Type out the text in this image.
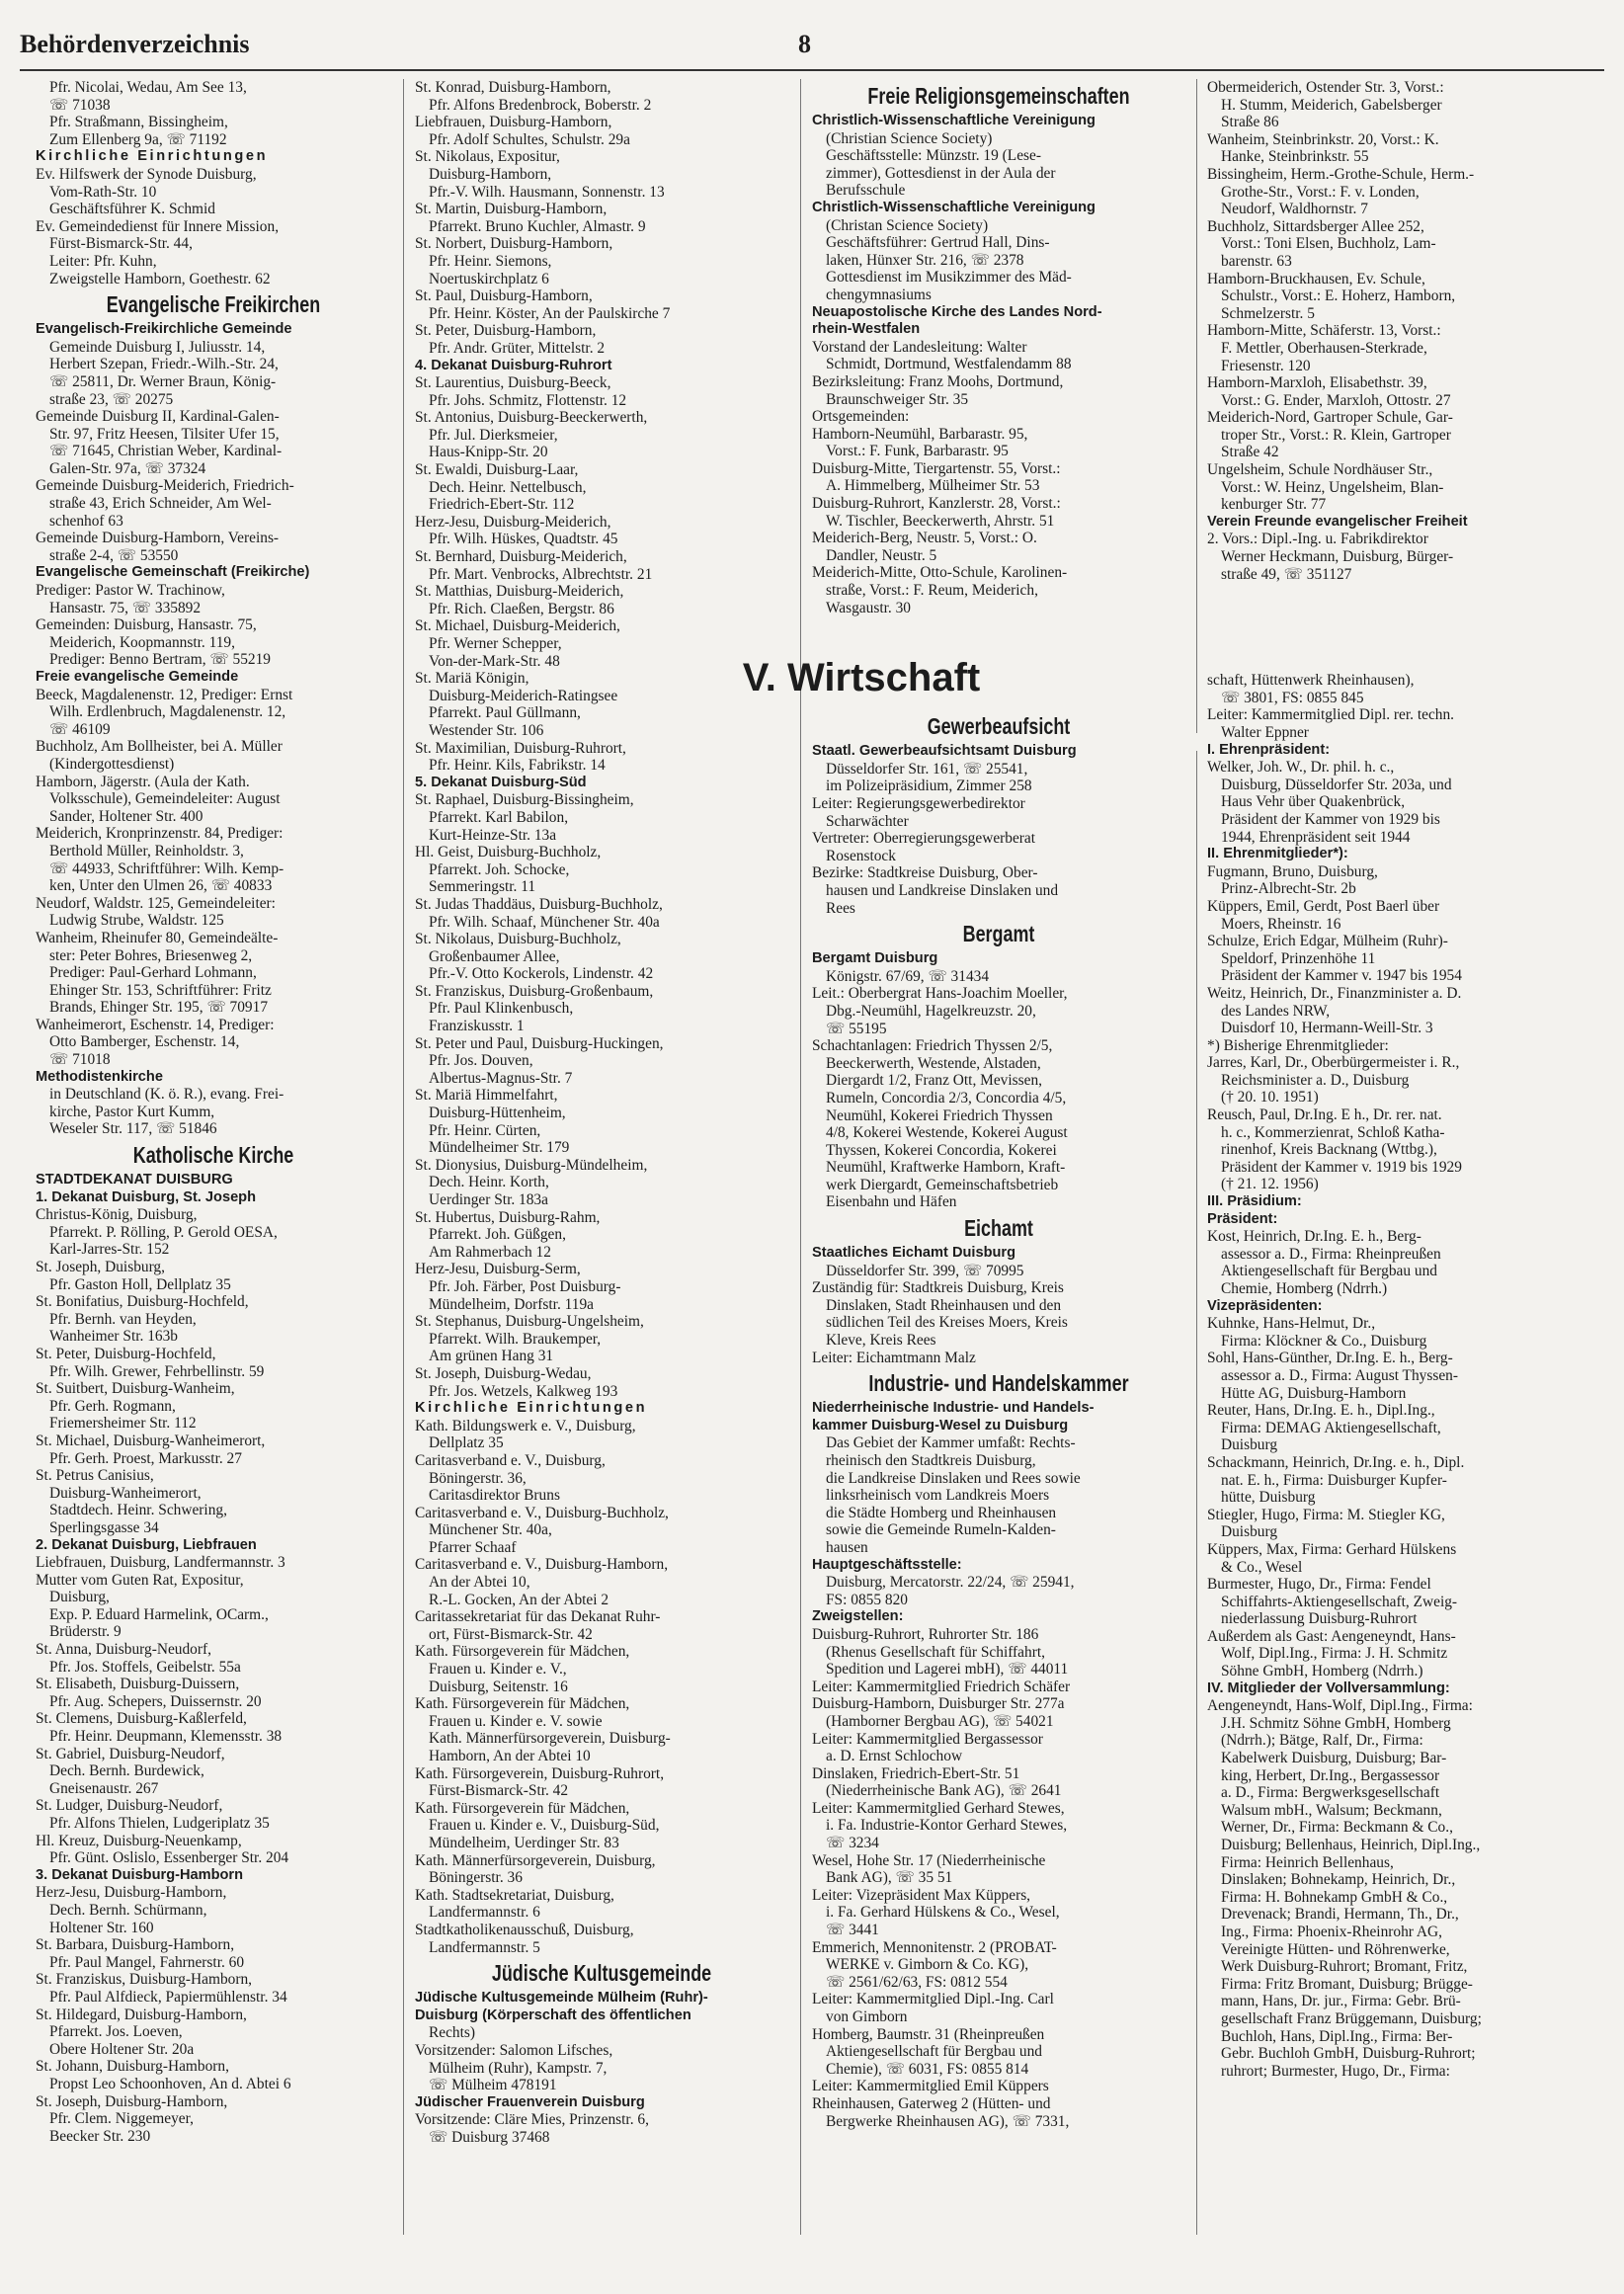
Behördenverzeichnis	8
Pfr. Nicolai, Wedau, Am See 13,
☏ 71038
Pfr. Straßmann, Bissingheim,
Zum Ellenberg 9a, ☏ 71192
Kirchliche Einrichtungen
Ev. Hilfswerk der Synode Duisburg,
Vom-Rath-Str. 10
Geschäftsführer K. Schmid
Ev. Gemeindedienst für Innere Mission,
Fürst-Bismarck-Str. 44,
Leiter: Pfr. Kuhn,
Zweigstelle Hamborn, Goethestr. 62
Evangelische Freikirchen
Evangelisch-Freikirchliche Gemeinde
Gemeinde Duisburg I, Juliusstr. 14,
Herbert Szepan, Friedr.-Wilh.-Str. 24,
☏ 25811, Dr. Werner Braun, König-
straße 23, ☏ 20275
Gemeinde Duisburg II, Kardinal-Galen-
Str. 97, Fritz Heesen, Tilsiter Ufer 15,
☏ 71645, Christian Weber, Kardinal-
Galen-Str. 97a, ☏ 37324
Gemeinde Duisburg-Meiderich, Friedrich-
straße 43, Erich Schneider, Am Wel-
schenhof 63
Gemeinde Duisburg-Hamborn, Vereins-
straße 2-4, ☏ 53550
Evangelische Gemeinschaft (Freikirche)
Prediger: Pastor W. Trachinow,
Hansastr. 75, ☏ 335892
Gemeinden: Duisburg, Hansastr. 75,
Meiderich, Koopmannstr. 119,
Prediger: Benno Bertram, ☏ 55219
Freie evangelische Gemeinde
Beeck, Magdalenenstr. 12, Prediger: Ernst
Wilh. Erdlenbruch, Magdalenenstr. 12,
☏ 46109
Buchholz, Am Bollheister, bei A. Müller
(Kindergottesdienst)
Hamborn, Jägerstr. (Aula der Kath.
Volksschule), Gemeindeleiter: August
Sander, Holtener Str. 400
Meiderich, Kronprinzenstr. 84, Prediger:
Berthold Müller, Reinholdstr. 3,
☏ 44933, Schriftführer: Wilh. Kemp-
ken, Unter den Ulmen 26, ☏ 40833
Neudorf, Waldstr. 125, Gemeindeleiter:
Ludwig Strube, Waldstr. 125
Wanheim, Rheinufer 80, Gemeindeälte-
ster: Peter Bohres, Briesenweg 2,
Prediger: Paul-Gerhard Lohmann,
Ehinger Str. 153, Schriftführer: Fritz
Brands, Ehinger Str. 195, ☏ 70917
Wanheimerort, Eschenstr. 14, Prediger:
Otto Bamberger, Eschenstr. 14,
☏ 71018
Methodistenkirche
in Deutschland (K. ö. R.), evang. Frei-
kirche, Pastor Kurt Kumm,
Weseler Str. 117, ☏ 51846
Katholische Kirche
STADTDEKANAT DUISBURG
1. Dekanat Duisburg, St. Joseph
Christus-König, Duisburg,
Pfarrekt. P. Rölling, P. Gerold OESA,
Karl-Jarres-Str. 152
St. Joseph, Duisburg,
Pfr. Gaston Holl, Dellplatz 35
St. Bonifatius, Duisburg-Hochfeld,
Pfr. Bernh. van Heyden,
Wanheimer Str. 163b
St. Peter, Duisburg-Hochfeld,
Pfr. Wilh. Grewer, Fehrbellinstr. 59
St. Suitbert, Duisburg-Wanheim,
Pfr. Gerh. Rogmann,
Friemersheimer Str. 112
St. Michael, Duisburg-Wanheimerort,
Pfr. Gerh. Proest, Markusstr. 27
St. Petrus Canisius,
Duisburg-Wanheimerort,
Stadtdech. Heinr. Schwering,
Sperlingsgasse 34
2. Dekanat Duisburg, Liebfrauen
Liebfrauen, Duisburg, Landfermannstr. 3
Mutter vom Guten Rat, Expositur,
Duisburg,
Exp. P. Eduard Harmelink, OCarm.,
Brüderstr. 9
St. Anna, Duisburg-Neudorf,
Pfr. Jos. Stoffels, Geibelstr. 55a
St. Elisabeth, Duisburg-Duissern,
Pfr. Aug. Schepers, Duissernstr. 20
St. Clemens, Duisburg-Kaßlerfeld,
Pfr. Heinr. Deupmann, Klemensstr. 38
St. Gabriel, Duisburg-Neudorf,
Dech. Bernh. Burdewick,
Gneisenaustr. 267
St. Ludger, Duisburg-Neudorf,
Pfr. Alfons Thielen, Ludgeriplatz 35
Hl. Kreuz, Duisburg-Neuenkamp,
Pfr. Günt. Oslislo, Essenberger Str. 204
3. Dekanat Duisburg-Hamborn
Herz-Jesu, Duisburg-Hamborn,
Dech. Bernh. Schürmann,
Holtener Str. 160
St. Barbara, Duisburg-Hamborn,
Pfr. Paul Mangel, Fahrnerstr. 60
St. Franziskus, Duisburg-Hamborn,
Pfr. Paul Alfdieck, Papiermühlenstr. 34
St. Hildegard, Duisburg-Hamborn,
Pfarrekt. Jos. Loeven,
Obere Holtener Str. 20a
St. Johann, Duisburg-Hamborn,
Propst Leo Schoonhoven, An d. Abtei 6
St. Joseph, Duisburg-Hamborn,
Pfr. Clem. Niggemeyer,
Beecker Str. 230
St. Konrad, Duisburg-Hamborn,
Pfr. Alfons Bredenbrock, Boberstr. 2
Liebfrauen, Duisburg-Hamborn,
Pfr. Adolf Schultes, Schulstr. 29a
St. Nikolaus, Expositur,
Duisburg-Hamborn,
Pfr.-V. Wilh. Hausmann, Sonnenstr. 13
St. Martin, Duisburg-Hamborn,
Pfarrekt. Bruno Kuchler, Almastr. 9
St. Norbert, Duisburg-Hamborn,
Pfr. Heinr. Siemons,
Noertuskirchplatz 6
St. Paul, Duisburg-Hamborn,
Pfr. Heinr. Köster, An der Paulskirche 7
St. Peter, Duisburg-Hamborn,
Pfr. Andr. Grüter, Mittelstr. 2
4. Dekanat Duisburg-Ruhrort
St. Laurentius, Duisburg-Beeck,
Pfr. Johs. Schmitz, Flottenstr. 12
St. Antonius, Duisburg-Beeckerwerth,
Pfr. Jul. Dierksmeier,
Haus-Knipp-Str. 20
St. Ewaldi, Duisburg-Laar,
Dech. Heinr. Nettelbusch,
Friedrich-Ebert-Str. 112
Herz-Jesu, Duisburg-Meiderich,
Pfr. Wilh. Hüskes, Quadtstr. 45
St. Bernhard, Duisburg-Meiderich,
Pfr. Mart. Venbrocks, Albrechtstr. 21
St. Matthias, Duisburg-Meiderich,
Pfr. Rich. Claeßen, Bergstr. 86
St. Michael, Duisburg-Meiderich,
Pfr. Werner Schepper,
Von-der-Mark-Str. 48
St. Mariä Königin,
Duisburg-Meiderich-Ratingsee
Pfarrekt. Paul Güllmann,
Westender Str. 106
St. Maximilian, Duisburg-Ruhrort,
Pfr. Heinr. Kils, Fabrikstr. 14
5. Dekanat Duisburg-Süd
St. Raphael, Duisburg-Bissingheim,
Pfarrekt. Karl Babilon,
Kurt-Heinze-Str. 13a
Hl. Geist, Duisburg-Buchholz,
Pfarrekt. Joh. Schocke,
Semmeringstr. 11
St. Judas Thaddäus, Duisburg-Buchholz,
Pfr. Wilh. Schaaf, Münchener Str. 40a
St. Nikolaus, Duisburg-Buchholz,
Großenbaumer Allee,
Pfr.-V. Otto Kockerols, Lindenstr. 42
St. Franziskus, Duisburg-Großenbaum,
Pfr. Paul Klinkenbusch,
Franziskusstr. 1
St. Peter und Paul, Duisburg-Huckingen,
Pfr. Jos. Douven,
Albertus-Magnus-Str. 7
St. Mariä Himmelfahrt,
Duisburg-Hüttenheim,
Pfr. Heinr. Cürten,
Mündelheimer Str. 179
St. Dionysius, Duisburg-Mündelheim,
Dech. Heinr. Korth,
Uerdinger Str. 183a
St. Hubertus, Duisburg-Rahm,
Pfarrekt. Joh. Güßgen,
Am Rahmerbach 12
Herz-Jesu, Duisburg-Serm,
Pfr. Joh. Färber, Post Duisburg-
Mündelheim, Dorfstr. 119a
St. Stephanus, Duisburg-Ungelsheim,
Pfarrekt. Wilh. Braukemper,
Am grünen Hang 31
St. Joseph, Duisburg-Wedau,
Pfr. Jos. Wetzels, Kalkweg 193
Kirchliche Einrichtungen
Kath. Bildungswerk e. V., Duisburg,
Dellplatz 35
Caritasverband e. V., Duisburg,
Böningerstr. 36,
Caritasdirektor Bruns
Caritasverband e. V., Duisburg-Buchholz,
Münchener Str. 40a,
Pfarrer Schaaf
Caritasverband e. V., Duisburg-Hamborn,
An der Abtei 10,
R.-L. Gocken, An der Abtei 2
Caritassekretariat für das Dekanat Ruhr-
ort, Fürst-Bismarck-Str. 42
Kath. Fürsorgeverein für Mädchen,
Frauen u. Kinder e. V.,
Duisburg, Seitenstr. 16
Kath. Fürsorgeverein für Mädchen,
Frauen u. Kinder e. V. sowie
Kath. Männerfürsorgeverein, Duisburg-
Hamborn, An der Abtei 10
Kath. Fürsorgeverein, Duisburg-Ruhrort,
Fürst-Bismarck-Str. 42
Kath. Fürsorgeverein für Mädchen,
Frauen u. Kinder e. V., Duisburg-Süd,
Mündelheim, Uerdinger Str. 83
Kath. Männerfürsorgeverein, Duisburg,
Böningerstr. 36
Kath. Stadtsekretariat, Duisburg,
Landfermannstr. 6
Stadtkatholikenausschuß, Duisburg,
Landfermannstr. 5
Jüdische Kultusgemeinde
Jüdische Kultusgemeinde Mülheim (Ruhr)-
Duisburg (Körperschaft des öffentlichen
Rechts)
Vorsitzender: Salomon Lifsches,
Mülheim (Ruhr), Kampstr. 7,
☏ Mülheim 478191
Jüdischer Frauenverein Duisburg
Vorsitzende: Cläre Mies, Prinzenstr. 6,
☏ Duisburg 37468
Freie Religionsgemeinschaften
Christlich-Wissenschaftliche Vereinigung
(Christian Science Society)
Geschäftsstelle: Münzstr. 19 (Lese-
zimmer), Gottesdienst in der Aula der
Berufsschule
Christlich-Wissenschaftliche Vereinigung
(Christan Science Society)
Geschäftsführer: Gertrud Hall, Dins-
laken, Hünxer Str. 216, ☏ 2378
Gottesdienst im Musikzimmer des Mäd-
chengymnasiums
Neuapostolische Kirche des Landes Nord-
rhein-Westfalen
Vorstand der Landesleitung: Walter
Schmidt, Dortmund, Westfalendamm 88
Bezirksleitung: Franz Moohs, Dortmund,
Braunschweiger Str. 35
Ortsgemeinden:
Hamborn-Neumühl, Barbarastr. 95,
Vorst.: F. Funk, Barbarastr. 95
Duisburg-Mitte, Tiergartenstr. 55, Vorst.:
A. Himmelberg, Mülheimer Str. 53
Duisburg-Ruhrort, Kanzlerstr. 28, Vorst.:
W. Tischler, Beeckerwerth, Ahrstr. 51
Meiderich-Berg, Neustr. 5, Vorst.: O.
Dandler, Neustr. 5
Meiderich-Mitte, Otto-Schule, Karolinen-
straße, Vorst.: F. Reum, Meiderich,
Wasgaustr. 30
V. Wirtschaft
Gewerbeaufsicht
Staatl. Gewerbeaufsichtsamt Duisburg
Düsseldorfer Str. 161, ☏ 25541,
im Polizeipräsidium, Zimmer 258
Leiter: Regierungsgewerbedirektor
Scharwächter
Vertreter: Oberregierungsgewerberat
Rosenstock
Bezirke: Stadtkreise Duisburg, Ober-
hausen und Landkreise Dinslaken und
Rees
Bergamt
Bergamt Duisburg
Königstr. 67/69, ☏ 31434
Leit.: Oberbergrat Hans-Joachim Moeller,
Dbg.-Neumühl, Hagelkreuzstr. 20,
☏ 55195
Schachtanlagen: Friedrich Thyssen 2/5,
Beeckerwerth, Westende, Alstaden,
Diergardt 1/2, Franz Ott, Mevissen,
Rumeln, Concordia 2/3, Concordia 4/5,
Neumühl, Kokerei Friedrich Thyssen
4/8, Kokerei Westende, Kokerei August
Thyssen, Kokerei Concordia, Kokerei
Neumühl, Kraftwerke Hamborn, Kraft-
werk Diergardt, Gemeinschaftsbetrieb
Eisenbahn und Häfen
Eichamt
Staatliches Eichamt Duisburg
Düsseldorfer Str. 399, ☏ 70995
Zuständig für: Stadtkreis Duisburg, Kreis
Dinslaken, Stadt Rheinhausen und den
südlichen Teil des Kreises Moers, Kreis
Kleve, Kreis Rees
Leiter: Eichamtmann Malz
Industrie- und Handelskammer
Niederrheinische Industrie- und Handels-
kammer Duisburg-Wesel zu Duisburg
Das Gebiet der Kammer umfaßt: Rechts-
rheinisch den Stadtkreis Duisburg,
die Landkreise Dinslaken und Rees sowie
linksrheinisch vom Landkreis Moers
die Städte Homberg und Rheinhausen
sowie die Gemeinde Rumeln-Kalden-
hausen
Hauptgeschäftsstelle:
Duisburg, Mercatorstr. 22/24, ☏ 25941,
FS: 0855 820
Zweigstellen:
Duisburg-Ruhrort, Ruhrorter Str. 186
(Rhenus Gesellschaft für Schiffahrt,
Spedition und Lagerei mbH), ☏ 44011
Leiter: Kammermitglied Friedrich Schäfer
Duisburg-Hamborn, Duisburger Str. 277a
(Hamborner Bergbau AG), ☏ 54021
Leiter: Kammermitglied Bergassessor
a. D. Ernst Schlochow
Dinslaken, Friedrich-Ebert-Str. 51
(Niederrheinische Bank AG), ☏ 2641
Leiter: Kammermitglied Gerhard Stewes,
i. Fa. Industrie-Kontor Gerhard Stewes,
☏ 3234
Wesel, Hohe Str. 17 (Niederrheinische
Bank AG), ☏ 35 51
Leiter: Vizepräsident Max Küppers,
i. Fa. Gerhard Hülskens & Co., Wesel,
☏ 3441
Emmerich, Mennonitenstr. 2 (PROBAT-
WERKE v. Gimborn & Co. KG),
☏ 2561/62/63, FS: 0812 554
Leiter: Kammermitglied Dipl.-Ing. Carl
von Gimborn
Homberg, Baumstr. 31 (Rheinpreußen
Aktiengesellschaft für Bergbau und
Chemie), ☏ 6031, FS: 0855 814
Leiter: Kammermitglied Emil Küppers
Rheinhausen, Gaterweg 2 (Hütten- und
Bergwerke Rheinhausen AG), ☏ 7331,
Obermeiderich, Ostender Str. 3, Vorst.:
H. Stumm, Meiderich, Gabelsberger
Straße 86
Wanheim, Steinbrinkstr. 20, Vorst.: K.
Hanke, Steinbrinkstr. 55
Bissingheim, Herm.-Grothe-Schule, Herm.-
Grothe-Str., Vorst.: F. v. Londen,
Neudorf, Waldhornstr. 7
Buchholz, Sittardsberger Allee 252,
Vorst.: Toni Elsen, Buchholz, Lam-
barenstr. 63
Hamborn-Bruckhausen, Ev. Schule,
Schulstr., Vorst.: E. Hoherz, Hamborn,
Schmelzerstr. 5
Hamborn-Mitte, Schäferstr. 13, Vorst.:
F. Mettler, Oberhausen-Sterkrade,
Friesenstr. 120
Hamborn-Marxloh, Elisabethstr. 39,
Vorst.: G. Ender, Marxloh, Ottostr. 27
Meiderich-Nord, Gartroper Schule, Gar-
troper Str., Vorst.: R. Klein, Gartroper
Straße 42
Ungelsheim, Schule Nordhäuser Str.,
Vorst.: W. Heinz, Ungelsheim, Blan-
kenburger Str. 77
Verein Freunde evangelischer Freiheit
2. Vors.: Dipl.-Ing. u. Fabrikdirektor
Werner Heckmann, Duisburg, Bürger-
straße 49, ☏ 351127
schaft, Hüttenwerk Rheinhausen),
☏ 3801, FS: 0855 845
Leiter: Kammermitglied Dipl. rer. techn.
Walter Eppner
I. Ehrenpräsident:
Welker, Joh. W., Dr. phil. h. c.,
Duisburg, Düsseldorfer Str. 203a, und
Haus Vehr über Quakenbrück,
Präsident der Kammer von 1929 bis
1944, Ehrenpräsident seit 1944
II. Ehrenmitglieder*):
Fugmann, Bruno, Duisburg,
Prinz-Albrecht-Str. 2b
Küppers, Emil, Gerdt, Post Baerl über
Moers, Rheinstr. 16
Schulze, Erich Edgar, Mülheim (Ruhr)-
Speldorf, Prinzenhöhe 11
Präsident der Kammer v. 1947 bis 1954
Weitz, Heinrich, Dr., Finanzminister a. D.
des Landes NRW,
Duisdorf 10, Hermann-Weill-Str. 3
*) Bisherige Ehrenmitglieder:
Jarres, Karl, Dr., Oberbürgermeister i. R.,
Reichsminister a. D., Duisburg
(† 20. 10. 1951)
Reusch, Paul, Dr.Ing. E h., Dr. rer. nat.
h. c., Kommerzienrat, Schloß Katha-
rinenhof, Kreis Backnang (Wttbg.),
Präsident der Kammer v. 1919 bis 1929
(† 21. 12. 1956)
III. Präsidium:
Präsident:
Kost, Heinrich, Dr.Ing. E. h., Berg-
assessor a. D., Firma: Rheinpreußen
Aktiengesellschaft für Bergbau und
Chemie, Homberg (Ndrrh.)
Vizepräsidenten:
Kuhnke, Hans-Helmut, Dr.,
Firma: Klöckner & Co., Duisburg
Sohl, Hans-Günther, Dr.Ing. E. h., Berg-
assessor a. D., Firma: August Thyssen-
Hütte AG, Duisburg-Hamborn
Reuter, Hans, Dr.Ing. E. h., Dipl.Ing.,
Firma: DEMAG Aktiengesellschaft,
Duisburg
Schackmann, Heinrich, Dr.Ing. e. h., Dipl.
nat. E. h., Firma: Duisburger Kupfer-
hütte, Duisburg
Stiegler, Hugo, Firma: M. Stiegler KG,
Duisburg
Küppers, Max, Firma: Gerhard Hülskens
& Co., Wesel
Burmester, Hugo, Dr., Firma: Fendel
Schiffahrts-Aktiengesellschaft, Zweig-
niederlassung Duisburg-Ruhrort
Außerdem als Gast: Aengeneyndt, Hans-
Wolf, Dipl.Ing., Firma: J. H. Schmitz
Söhne GmbH, Homberg (Ndrrh.)
IV. Mitglieder der Vollversammlung:
Aengeneyndt, Hans-Wolf, Dipl.Ing., Firma:
J.H. Schmitz Söhne GmbH, Homberg
(Ndrrh.); Bätge, Ralf, Dr., Firma:
Kabelwerk Duisburg, Duisburg; Bar-
king, Herbert, Dr.Ing., Bergassessor
a. D., Firma: Bergwerksgesellschaft
Walsum mbH., Walsum; Beckmann,
Werner, Dr., Firma: Beckmann & Co.,
Duisburg; Bellenhaus, Heinrich, Dipl.Ing.,
Firma: Heinrich Bellenhaus,
Dinslaken; Bohnekamp, Heinrich, Dr.,
Firma: H. Bohnekamp GmbH & Co.,
Drevenack; Brandi, Hermann, Th., Dr.,
Ing., Firma: Phoenix-Rheinrohr AG,
Vereinigte Hütten- und Röhrenwerke,
Werk Duisburg-Ruhrort; Bromant, Fritz,
Firma: Fritz Bromant, Duisburg; Brügge-
mann, Hans, Dr. jur., Firma: Gebr. Brü-
gesellschaft Franz Brüggemann, Duisburg;
Buchloh, Hans, Dipl.Ing., Firma: Ber-
Gebr. Buchloh GmbH, Duisburg-Ruhrort;
ruhrort; Burmester, Hugo, Dr., Firma:
